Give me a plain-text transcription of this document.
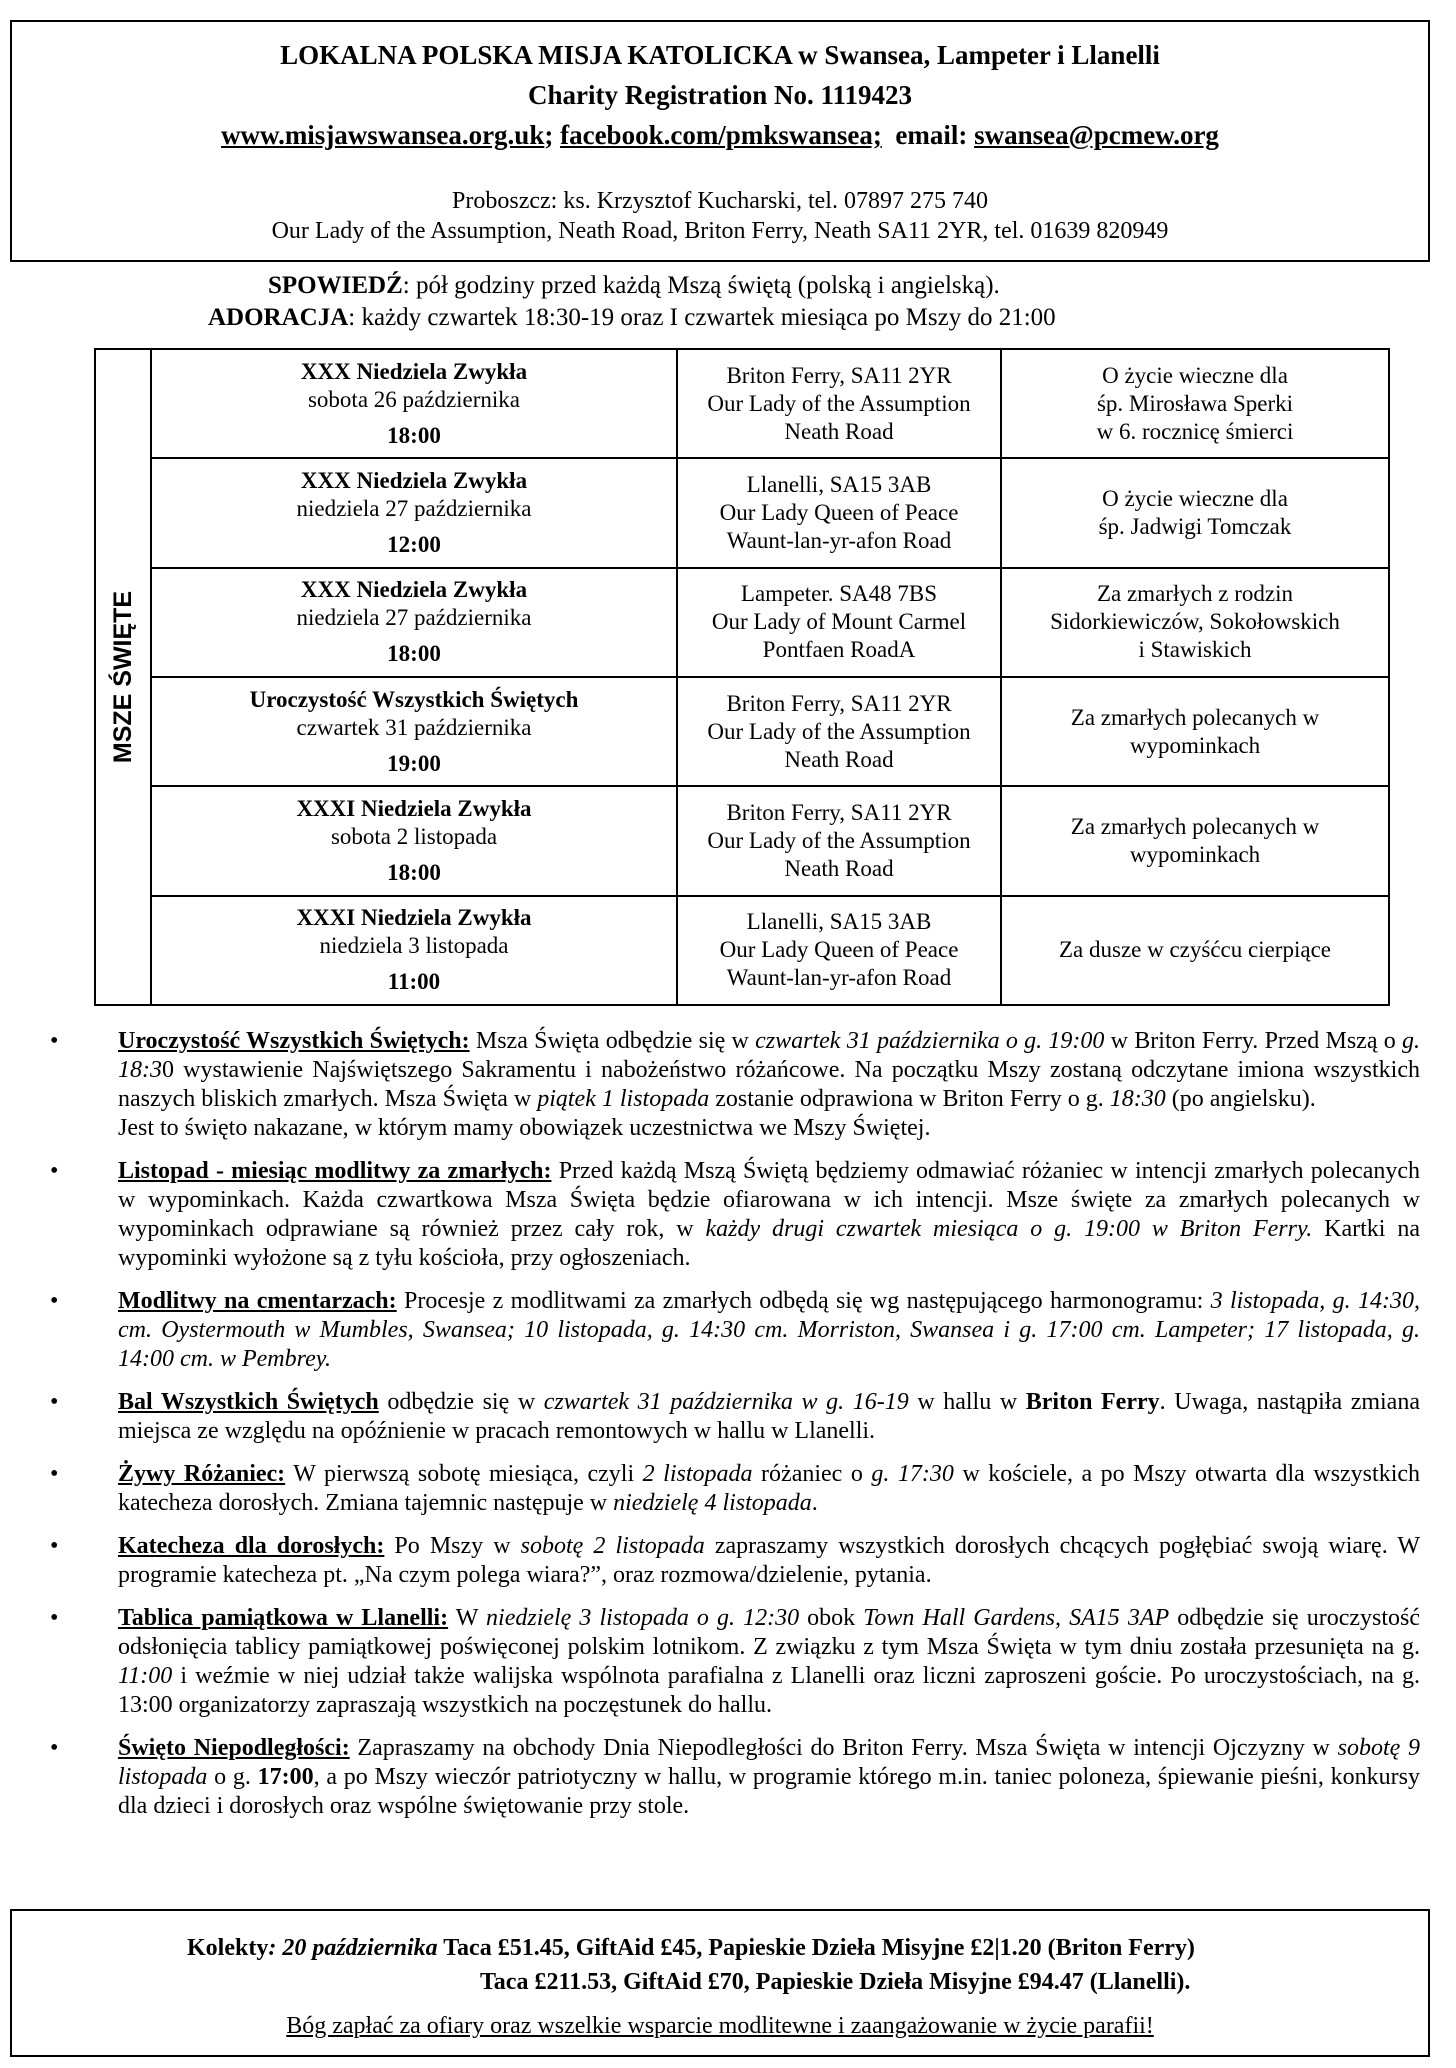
LOKALNA POLSKA MISJA KATOLICKA w Swansea, Lampeter i Llanelli
Charity Registration No. 1119423
www.misjawswansea.org.uk; facebook.com/pmkswansea;  email: swansea@pcmew.org
Proboszcz: ks. Krzysztof Kucharski, tel. 07897 275 740
Our Lady of the Assumption, Neath Road, Briton Ferry, Neath SA11 2YR, tel. 01639 820949
SPOWIEDŹ: pół godziny przed każdą Mszą świętą (polską i angielską).
ADORACJA: każdy czwartek 18:30-19 oraz I czwartek miesiąca po Mszy do 21:00
MSZE ŚWIĘTE	XXX Niedziela Zwykła
sobota 26 października
18:00	Briton Ferry, SA11 2YR
Our Lady of the Assumption
Neath Road	O życie wieczne dla
śp. Mirosława Sperki
w 6. rocznicę śmierci

	XXX Niedziela Zwykła
niedziela 27 października
12:00	Llanelli, SA15 3AB
Our Lady Queen of Peace
Waunt-lan-yr-afon Road	O życie wieczne dla
śp. Jadwigi Tomczak

	XXX Niedziela Zwykła
niedziela 27 października
18:00	Lampeter. SA48 7BS
Our Lady of Mount Carmel
Pontfaen RoadA	Za zmarłych z rodzin
Sidorkiewiczów, Sokołowskich
i Stawiskich

	Uroczystość Wszystkich Świętych
czwartek 31 października
19:00	Briton Ferry, SA11 2YR
Our Lady of the Assumption
Neath Road	Za zmarłych polecanych w
wypominkach

	XXXI Niedziela Zwykła
sobota 2 listopada
18:00	Briton Ferry, SA11 2YR
Our Lady of the Assumption
Neath Road	Za zmarłych polecanych w
wypominkach

	XXXI Niedziela Zwykła
niedziela 3 listopada
11:00	Llanelli, SA15 3AB
Our Lady Queen of Peace
Waunt-lan-yr-afon Road	Za dusze w czyśćcu cierpiące
• Uroczystość Wszystkich Świętych: Msza Święta odbędzie się w czwartek 31 października o g. 19:00 w Briton Ferry. Przed Mszą o g. 18:30 wystawienie Najświętszego Sakramentu i nabożeństwo różańcowe. Na początku Mszy zostaną odczytane imiona wszystkich naszych bliskich zmarłych. Msza Święta w piątek 1 listopada zostanie odprawiona w Briton Ferry o g. 18:30 (po angielsku).
Jest to święto nakazane, w którym mamy obowiązek uczestnictwa we Mszy Świętej.
• Listopad - miesiąc modlitwy za zmarłych: Przed każdą Mszą Świętą będziemy odmawiać różaniec w intencji zmarłych polecanych w wypominkach. Każda czwartkowa Msza Święta będzie ofiarowana w ich intencji. Msze święte za zmarłych polecanych w wypominkach odprawiane są również przez cały rok, w każdy drugi czwartek miesiąca o g. 19:00 w Briton Ferry. Kartki na wypominki wyłożone są z tyłu kościoła, przy ogłoszeniach.
• Modlitwy na cmentarzach: Procesje z modlitwami za zmarłych odbędą się wg następującego harmonogramu: 3 listopada, g. 14:30, cm. Oystermouth w Mumbles, Swansea; 10 listopada, g. 14:30 cm. Morriston, Swansea i g. 17:00 cm. Lampeter; 17 listopada, g. 14:00 cm. w Pembrey.
• Bal Wszystkich Świętych odbędzie się w czwartek 31 października w g. 16-19 w hallu w Briton Ferry. Uwaga, nastąpiła zmiana miejsca ze względu na opóźnienie w pracach remontowych w hallu w Llanelli.
• Żywy Różaniec: W pierwszą sobotę miesiąca, czyli 2 listopada różaniec o g. 17:30 w kościele, a po Mszy otwarta dla wszystkich katecheza dorosłych. Zmiana tajemnic następuje w niedzielę 4 listopada.
• Katecheza dla dorosłych: Po Mszy w sobotę 2 listopada zapraszamy wszystkich dorosłych chcących pogłębiać swoją wiarę. W programie katecheza pt. „Na czym polega wiara?”, oraz rozmowa/dzielenie, pytania.
• Tablica pamiątkowa w Llanelli: W niedzielę 3 listopada o g. 12:30 obok Town Hall Gardens, SA15 3AP odbędzie się uroczystość odsłonięcia tablicy pamiątkowej poświęconej polskim lotnikom. Z związku z tym Msza Święta w tym dniu została przesunięta na g. 11:00 i weźmie w niej udział także walijska wspólnota parafialna z Llanelli oraz liczni zaproszeni goście. Po uroczystościach, na g. 13:00 organizatorzy zapraszają wszystkich na poczęstunek do hallu.
• Święto Niepodległości: Zapraszamy na obchody Dnia Niepodległości do Briton Ferry. Msza Święta w intencji Ojczyzny w sobotę 9 listopada o g. 17:00, a po Mszy wieczór patriotyczny w hallu, w programie którego m.in. taniec poloneza, śpiewanie pieśni, konkursy dla dzieci i dorosłych oraz wspólne świętowanie przy stole.
Kolekty: 20 października Taca £51.45, GiftAid £45, Papieskie Dzieła Misyjne £2|1.20 (Briton Ferry)
Taca £211.53, GiftAid £70, Papieskie Dzieła Misyjne £94.47 (Llanelli).
Bóg zapłać za ofiary oraz wszelkie wsparcie modlitewne i zaangażowanie w życie parafii!
